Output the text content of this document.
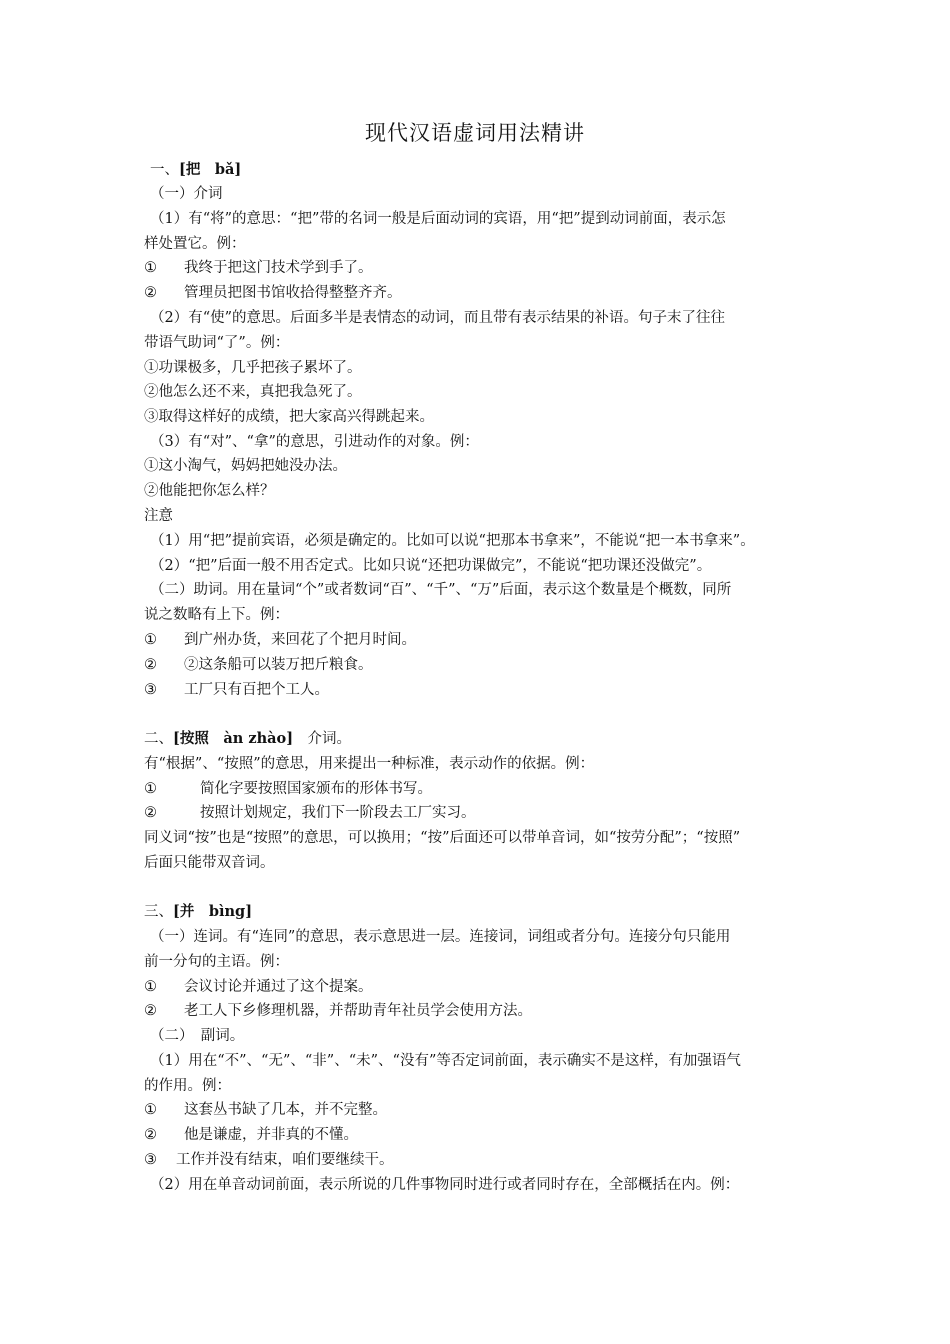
现代汉语虚词用法精讲
一、[把　bǎ]
（一）介词
（1）有“将”的意思：“把”带的名词一般是后面动词的宾语，用“把”提到动词前面，表示怎
样处置它。例：
① 我终于把这门技术学到手了。
② 管理员把图书馆收拾得整整齐齐。
（2）有“使”的意思。后面多半是表情态的动词，而且带有表示结果的补语。句子末了往往
带语气助词“了”。例：
①功课极多，几乎把孩子累坏了。
②他怎么还不来，真把我急死了。
③取得这样好的成绩，把大家高兴得跳起来。
（3）有“对”、“拿”的意思，引进动作的对象。例：
①这小淘气，妈妈把她没办法。
②他能把你怎么样？
注意
（1）用“把”提前宾语，必须是确定的。比如可以说“把那本书拿来”，不能说“把一本书拿来”。
（2）“把”后面一般不用否定式。比如只说“还把功课做完”，不能说“把功课还没做完”。
（二）助词。用在量词“个”或者数词“百”、“千”、“万”后面，表示这个数量是个概数，同所
说之数略有上下。例：
① 到广州办货，来回花了个把月时间。
② ②这条船可以装万把斤粮食。
③ 工厂只有百把个工人。
二、[按照　àn zhào]　介词。
有“根据”、“按照”的意思，用来提出一种标准，表示动作的依据。例：
①	简化字要按照国家颁布的形体书写。
②	按照计划规定，我们下一阶段去工厂实习。
同义词“按”也是“按照”的意思，可以换用；“按”后面还可以带单音词，如“按劳分配”；“按照”
后面只能带双音词。
三、[并　bìng]
（一）连词。有“连同”的意思，表示意思进一层。连接词，词组或者分句。连接分句只能用
前一分句的主语。例：
① 会议讨论并通过了这个提案。
② 老工人下乡修理机器，并帮助青年社员学会使用方法。
（二）　副词。
（1）用在“不”、“无”、“非”、“未”、“没有”等否定词前面，表示确实不是这样，有加强语气
的作用。例：
① 这套丛书缺了几本，并不完整。
② 他是谦虚，并非真的不懂。
③ 工作并没有结束，咱们要继续干。
（2）用在单音动词前面，表示所说的几件事物同时进行或者同时存在，全部概括在内。例：
